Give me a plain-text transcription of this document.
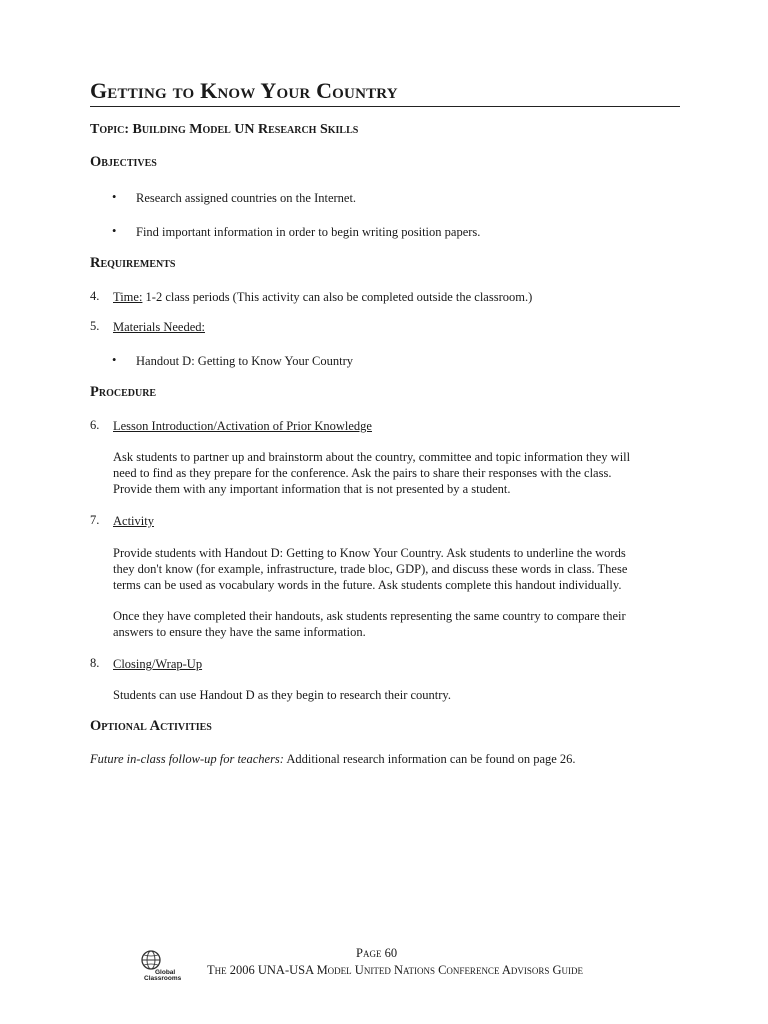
Getting to Know Your Country
Topic: Building Model UN Research Skills
Objectives
• Research assigned countries on the Internet.
• Find important information in order to begin writing position papers.
Requirements
4. Time: 1-2 class periods (This activity can also be completed outside the classroom.)
5. Materials Needed:
• Handout D: Getting to Know Your Country
Procedure
6. Lesson Introduction/Activation of Prior Knowledge
Ask students to partner up and brainstorm about the country, committee and topic information they will
need to find as they prepare for the conference. Ask the pairs to share their responses with the class.
Provide them with any important information that is not presented by a student.
7. Activity
Provide students with Handout D: Getting to Know Your Country. Ask students to underline the words
they don't know (for example, infrastructure, trade bloc, GDP), and discuss these words in class. These
terms can be used as vocabulary words in the future. Ask students complete this handout individually.
Once they have completed their handouts, ask students representing the same country to compare their
answers to ensure they have the same information.
8. Closing/Wrap-Up
Students can use Handout D as they begin to research their country.
Optional Activities
Future in-class follow-up for teachers: Additional research information can be found on page 26.
Global
Classrooms
Page 60
The 2006 UNA-USA Model United Nations Conference Advisors Guide
